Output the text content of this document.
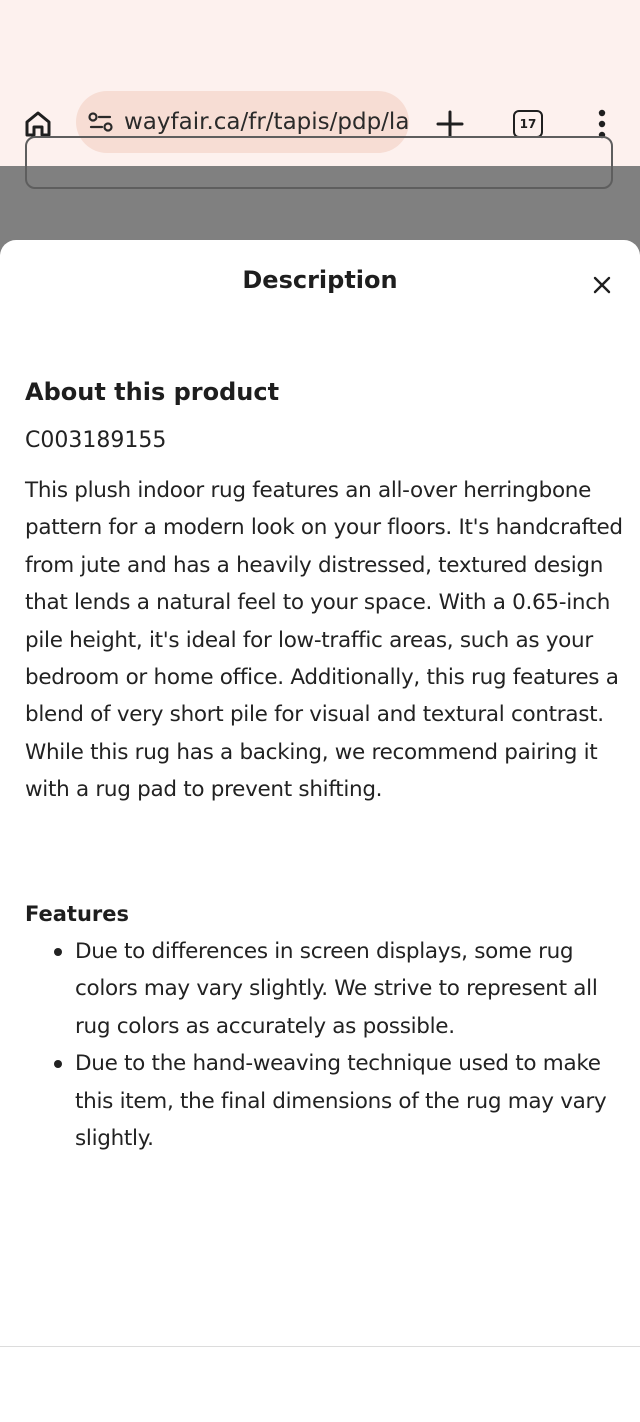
wayfair.ca/fr/tapis/pdp/la	17
Description
About this product
C003189155

This plush indoor rug features an all-over herringbone pattern for a modern look on your floors. It's handcrafted from jute and has a heavily distressed, textured design that lends a natural feel to your space. With a 0.65-inch pile height, it's ideal for low-traffic areas, such as your bedroom or home office. Additionally, this rug features a blend of very short pile for visual and textural contrast. While this rug has a backing, we recommend pairing it with a rug pad to prevent shifting.

Features
Due to differences in screen displays, some rug colors may vary slightly. We strive to represent all rug colors as accurately as possible.
Due to the hand-weaving technique used to make this item, the final dimensions of the rug may vary slightly.
